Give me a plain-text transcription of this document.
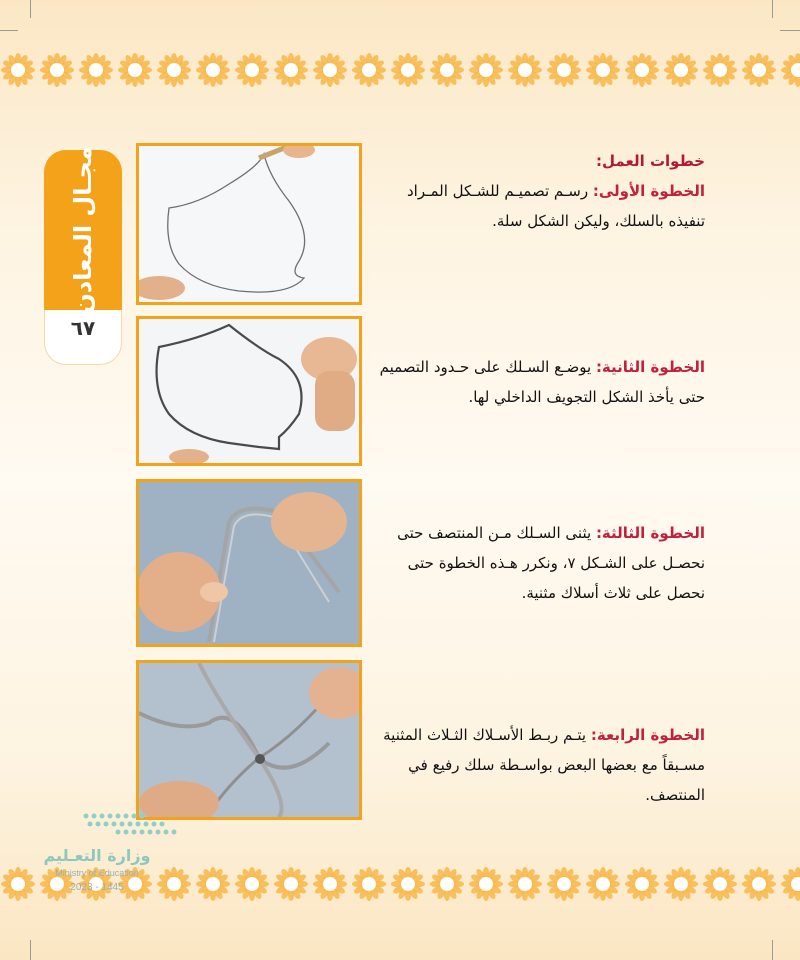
مجـال المعادن
٦٧
خطوات العمل:
الخطوة الأولى: رسـم تصميـم للشـكل المـراد تنفيذه بالسلك، وليكن الشكل سلة.
الخطوة الثانية: يوضـع السـلك على حـدود التصميم حتى يأخذ الشكل التجويف الداخلي لها.
الخطوة الثالثة: يثنى السـلك مـن المنتصف حتى نحصـل على الشـكل ٧، ونكرر هـذه الخطوة حتى نحصل على ثلاث أسلاك مثنية.
الخطوة الرابعة: يتـم ربـط الأسـلاك الثـلاث المثنية مسـبقاً مع بعضها البعض بواسـطة سلك رفيع في المنتصف.
وزارة التعـليم
Ministry of Education
2023 - 1445
